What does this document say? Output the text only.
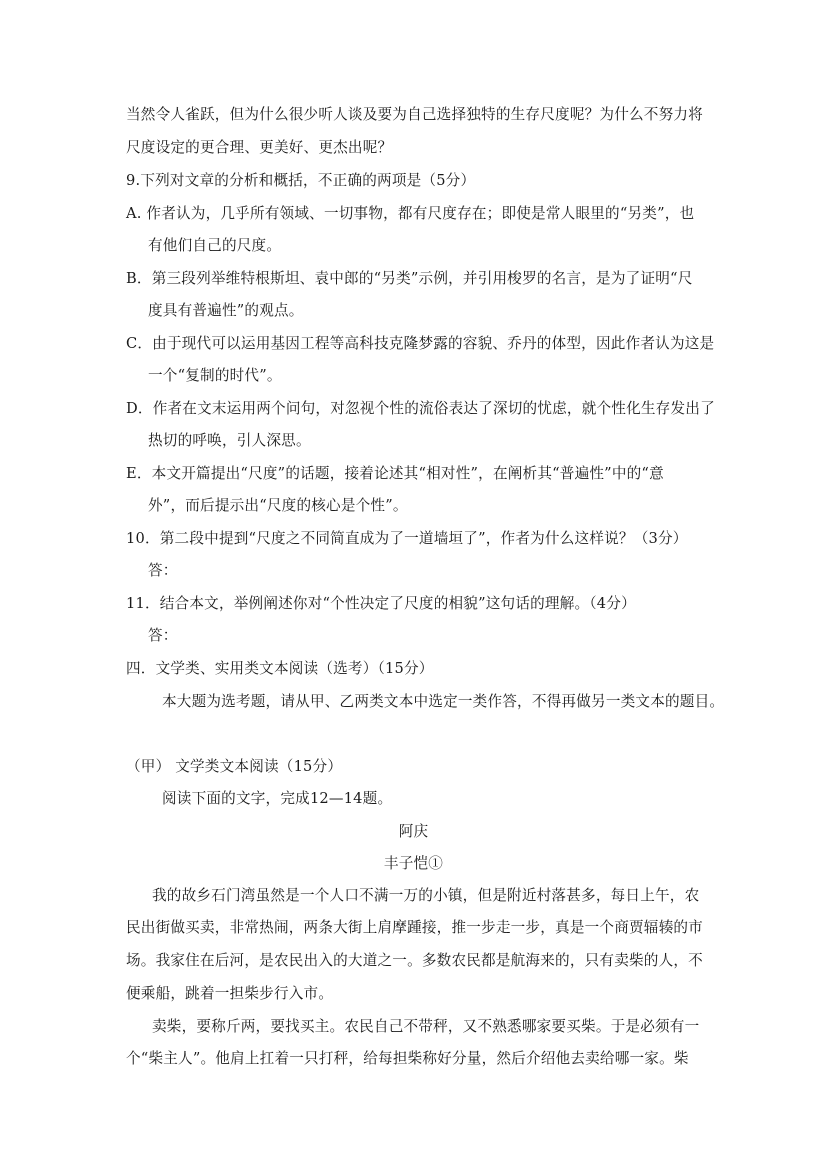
当然令人雀跃，但为什么很少听人谈及要为自己选择独特的生存尺度呢？为什么不努力将
尺度设定的更合理、更美好、更杰出呢？
9.下列对文章的分析和概括，不正确的两项是（5分）
A. 作者认为，几乎所有领域、一切事物，都有尺度存在；即使是常人眼里的“另类”，也
有他们自己的尺度。
B．第三段列举维特根斯坦、袁中郎的“另类”示例，并引用梭罗的名言，是为了证明“尺
度具有普遍性”的观点。
C．由于现代可以运用基因工程等高科技克隆梦露的容貌、乔丹的体型，因此作者认为这是
一个“复制的时代”。
D．作者在文末运用两个问句，对忽视个性的流俗表达了深切的忧虑，就个性化生存发出了
热切的呼唤，引人深思。
E．本文开篇提出“尺度”的话题，接着论述其“相对性”，在阐析其“普遍性”中的“意
外”，而后提示出“尺度的核心是个性”。
10．第二段中提到“尺度之不同简直成为了一道墙垣了”，作者为什么这样说？（3分）
答：
11．结合本文，举例阐述你对“个性决定了尺度的相貌”这句话的理解。（4分）
答：
四．文学类、实用类文本阅读（选考）（15分）
本大题为选考题，请从甲、乙两类文本中选定一类作答，不得再做另一类文本的题目。
（甲） 文学类文本阅读（15分）
阅读下面的文字，完成12—14题。
阿庆
丰子恺①
我的故乡石门湾虽然是一个人口不满一万的小镇，但是附近村落甚多，每日上午，农
民出街做买卖，非常热闹，两条大街上肩摩踵接，推一步走一步，真是一个商贾辐辏的市
场。我家住在后河，是农民出入的大道之一。多数农民都是航海来的，只有卖柴的人，不
便乘船，跳着一担柴步行入市。
卖柴，要称斤两，要找买主。农民自己不带秤，又不熟悉哪家要买柴。于是必须有一
个“柴主人”。他肩上扛着一只打秤，给每担柴称好分量，然后介绍他去卖给哪一家。柴
